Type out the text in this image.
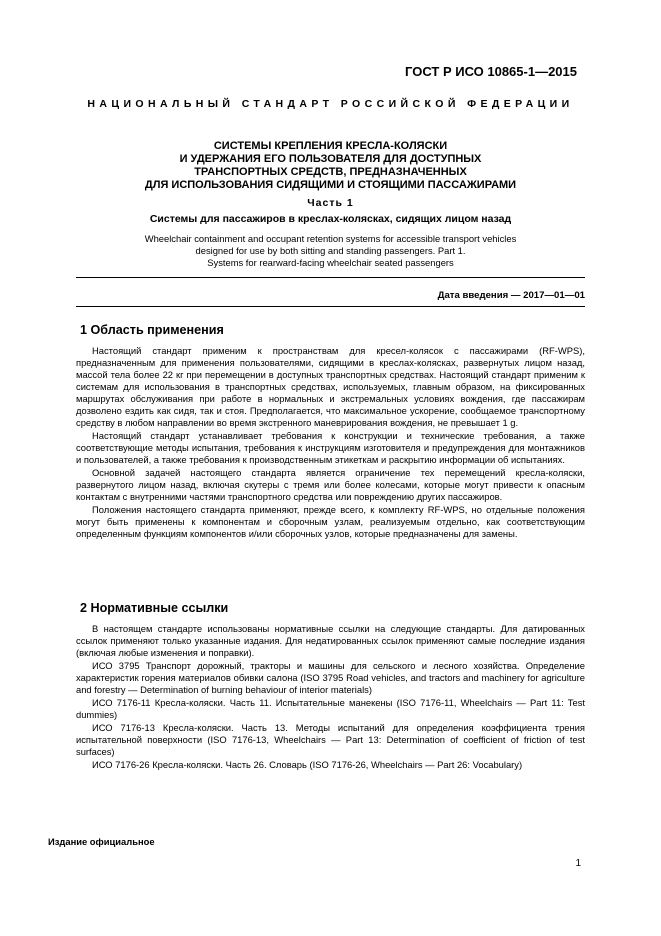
ГОСТ Р ИСО 10865-1—2015
НАЦИОНАЛЬНЫЙ СТАНДАРТ РОССИЙСКОЙ ФЕДЕРАЦИИ
СИСТЕМЫ КРЕПЛЕНИЯ КРЕСЛА-КОЛЯСКИ
И УДЕРЖАНИЯ ЕГО ПОЛЬЗОВАТЕЛЯ ДЛЯ ДОСТУПНЫХ
ТРАНСПОРТНЫХ СРЕДСТВ, ПРЕДНАЗНАЧЕННЫХ
ДЛЯ ИСПОЛЬЗОВАНИЯ СИДЯЩИМИ И СТОЯЩИМИ ПАССАЖИРАМИ
Часть 1
Системы для пассажиров в креслах-колясках, сидящих лицом назад
Wheelchair containment and occupant retention systems for accessible transport vehicles
designed for use by both sitting and standing passengers. Part 1.
Systems for rearward-facing wheelchair seated passengers
Дата введения — 2017—01—01
1 Область применения

Настоящий стандарт применим к пространствам для кресел-колясок с пассажирами (RF-WPS), предназначенным для применения пользователями, сидящими в креслах-колясках, развернутых лицом назад, массой тела более 22 кг при перемещении в доступных транспортных средствах. Настоящий стандарт применим к системам для использования в транспортных средствах, используемых, главным образом, на фиксированных маршрутах обслуживания при работе в нормальных и экстремальных условиях вождения, где пассажирам дозволено ездить как сидя, так и стоя. Предполагается, что максимальное ускорение, сообщаемое транспортному средству в любом направлении во время экстренного маневрирования вождения, не превышает 1 g.

Настоящий стандарт устанавливает требования к конструкции и технические требования, а также соответствующие методы испытания, требования к инструкциям изготовителя и предупреждения для монтажников и пользователей, а также требования к производственным этикеткам и раскрытию информации об испытаниях.

Основной задачей настоящего стандарта является ограничение тех перемещений кресла-коляски, развернутого лицом назад, включая скутеры с тремя или более колесами, которые могут привести к опасным контактам с внутренними частями транспортного средства или повреждению других пассажиров.

Положения настоящего стандарта применяют, прежде всего, к комплекту RF-WPS, но отдельные положения могут быть применены к компонентам и сборочным узлам, реализуемым отдельно, как соответствующим определенным функциям компонентов и/или сборочных узлов, которые предназначены для замены.

2 Нормативные ссылки

В настоящем стандарте использованы нормативные ссылки на следующие стандарты. Для датированных ссылок применяют только указанные издания. Для недатированных ссылок применяют самые последние издания (включая любые изменения и поправки).

ИСО 3795 Транспорт дорожный, тракторы и машины для сельского и лесного хозяйства. Определение характеристик горения материалов обивки салона (ISO 3795 Road vehicles, and tractors and machinery for agriculture and forestry — Determination of burning behaviour of interior materials)

ИСО 7176-11 Кресла-коляски. Часть 11. Испытательные манекены (ISO 7176-11, Wheelchairs — Part 11: Test dummies)

ИСО 7176-13 Кресла-коляски. Часть 13. Методы испытаний для определения коэффициента трения испытательной поверхности (ISO 7176-13, Wheelchairs — Part 13: Determination of coefficient of friction of test surfaces)

ИСО 7176-26 Кресла-коляски. Часть 26. Словарь (ISO 7176-26, Wheelchairs — Part 26: Vocabulary)

Издание официальное
1
